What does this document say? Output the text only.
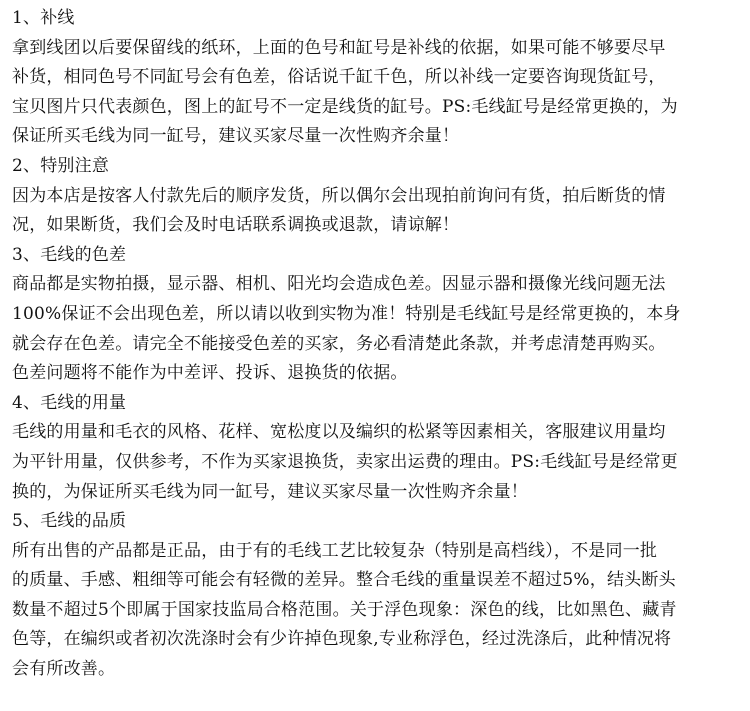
1、补线
拿到线团以后要保留线的纸环，上面的色号和缸号是补线的依据，如果可能不够要尽早
补货，相同色号不同缸号会有色差，俗话说千缸千色，所以补线一定要咨询现货缸号，
宝贝图片只代表颜色，图上的缸号不一定是线货的缸号。PS:毛线缸号是经常更换的，为
保证所买毛线为同一缸号，建议买家尽量一次性购齐余量！
2、特别注意
因为本店是按客人付款先后的顺序发货，所以偶尔会出现拍前询问有货，拍后断货的情
况，如果断货，我们会及时电话联系调换或退款，请谅解！
3、毛线的色差
商品都是实物拍摄，显示器、相机、阳光均会造成色差。因显示器和摄像光线问题无法
100%保证不会出现色差，所以请以收到实物为准！特别是毛线缸号是经常更换的，本身
就会存在色差。请完全不能接受色差的买家，务必看清楚此条款，并考虑清楚再购买。
色差问题将不能作为中差评、投诉、退换货的依据。
4、毛线的用量
毛线的用量和毛衣的风格、花样、宽松度以及编织的松紧等因素相关，客服建议用量均
为平针用量，仅供参考，不作为买家退换货，卖家出运费的理由。PS:毛线缸号是经常更
换的，为保证所买毛线为同一缸号，建议买家尽量一次性购齐余量！
5、毛线的品质
所有出售的产品都是正品，由于有的毛线工艺比较复杂（特别是高档线），不是同一批
的质量、手感、粗细等可能会有轻微的差异。整合毛线的重量误差不超过5%，结头断头
数量不超过5个即属于国家技监局合格范围。关于浮色现象：深色的线，比如黑色、藏青
色等，在编织或者初次洗涤时会有少许掉色现象,专业称浮色，经过洗涤后，此种情况将
会有所改善。
